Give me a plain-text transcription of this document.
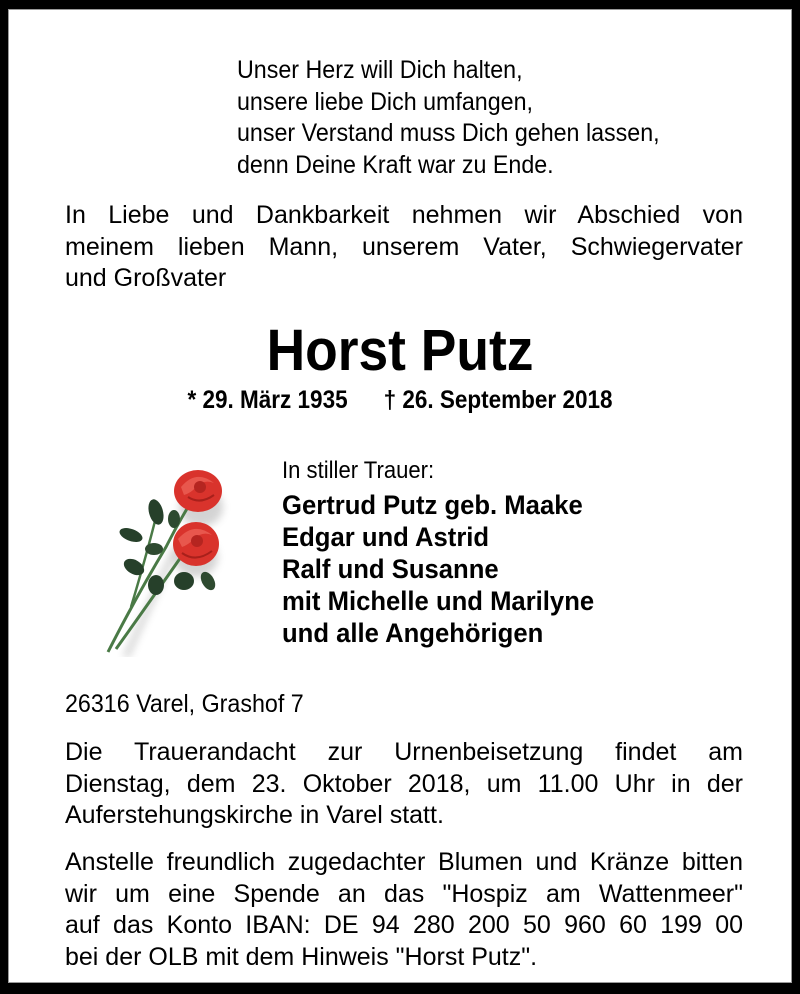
Unser Herz will Dich halten,
unsere liebe Dich umfangen,
unser Verstand muss Dich gehen lassen,
denn Deine Kraft war zu Ende.
In Liebe und Dankbarkeit nehmen wir Abschied von
meinem lieben Mann, unserem Vater, Schwiegervater
und Großvater
Horst Putz
* 29. März 1935 † 26. September 2018
In stiller Trauer:
Gertrud Putz geb. Maake
Edgar und Astrid
Ralf und Susanne
mit Michelle und Marilyne
und alle Angehörigen
26316 Varel, Grashof 7
Die Trauerandacht zur Urnenbeisetzung findet am
Dienstag, dem 23. Oktober 2018, um 11.00 Uhr in der
Auferstehungskirche in Varel statt.
Anstelle freundlich zugedachter Blumen und Kränze bitten
wir um eine Spende an das "Hospiz am Wattenmeer"
auf das Konto IBAN: DE 94 280 200 50 960 60 199 00
bei der OLB mit dem Hinweis "Horst Putz".
